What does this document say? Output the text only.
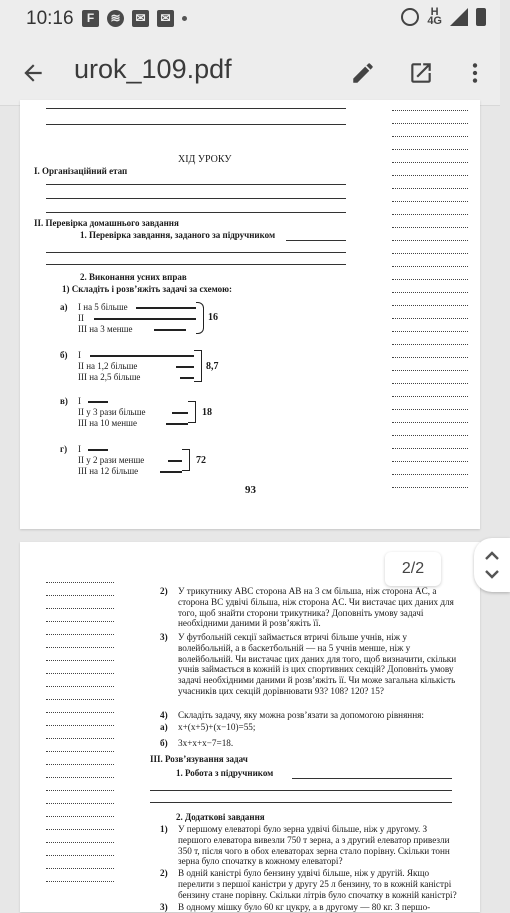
10:16	F	≋ ✉ ✉	H
4G
urok_109.pdf
ХІД УРОКУ
I. Організаційний етап
II. Перевірка домашнього завдання
1. Перевірка завдання, заданого за підручником
2. Виконання усних вправ
1) Складіть і розв’яжіть задачі за схемою:
а) I на 5 більше
II
III на 3 менше
16
б) I
II на 1,2 більше
III на 2,5 більше
8,7
в) I
II у 3 рази більше
III на 10 менше
18
г) I
II у 2 рази менше
III на 12 більше
72
93
2) У трикутнику ABC сторона AB на 3 см більша, ніж сторона AC, а сторона BC удвічі більша, ніж сторона AC. Чи вистачає цих даних для того, щоб знайти сторони трикутника? Доповніть умову задачі необхідними даними й розв’яжіть її.
3) У футбольній секції займається втричі більше учнів, ніж у волейбольній, а в баскетбольній — на 5 учнів менше, ніж у волейбольній. Чи вистачає цих даних для того, щоб визначити, скільки учнів займається в кожній із цих спортивних секцій? Доповніть умову задачі необхідними даними й розв’яжіть її. Чи може загальна кількість учасників цих секцій дорівнювати 93? 108? 120? 15?
4) Складіть задачу, яку можна розв’язати за допомогою рівняння:
а) x+(x+5)+(x−10)=55;
б) 3x+x+x−7=18.
III. Розв’язування задач
1. Робота з підручником
2. Додаткові завдання
1) У першому елеваторі було зерна удвічі більше, ніж у другому. З першого елеватора вивезли 750 т зерна, а з другий елеватор привезли 350 т, після чого в обох елеваторах зерна стало порівну. Скільки тонн зерна було спочатку в кожному елеваторі?
2) В одній каністрі було бензину удвічі більше, ніж у другій. Якщо перелити з першої каністри у другу 25 л бензину, то в кожній каністрі бензину стане порівну. Скільки літрів було спочатку в кожній каністрі?
3) В одному мішку було 60 кг цукру, а в другому — 80 кг. З першо-
2/2
